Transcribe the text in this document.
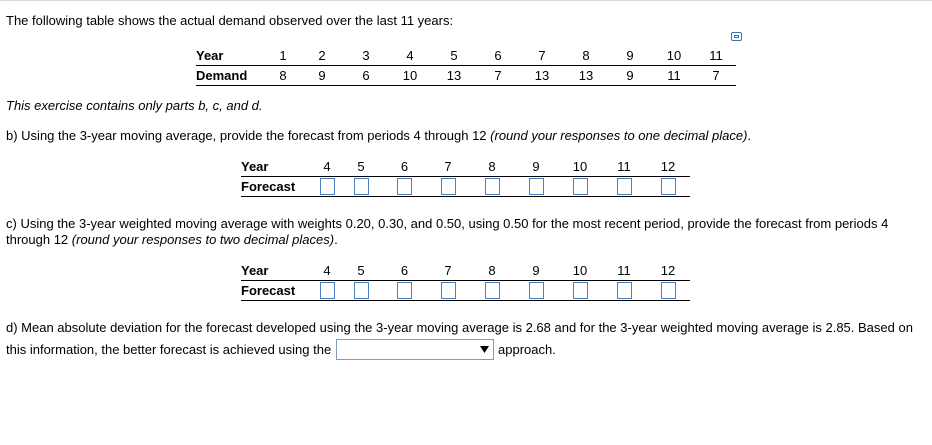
The following table shows the actual demand observed over the last 11 years:
Year	1	2	3	4	5	6	7	8	9	10	11
Demand	8	9	6	10	13	7	13	13	9	11	7
This exercise contains only parts b, c, and d.
b) Using the 3-year moving average, provide the forecast from periods 4 through 12 (round your responses to one decimal place).
Year	4	5	6	7	8	9	10	11	12
Forecast									
c) Using the 3-year weighted moving average with weights 0.20, 0.30, and 0.50, using 0.50 for the most recent period, provide the forecast from periods 4
through 12 (round your responses to two decimal places).
Year	4	5	6	7	8	9	10	11	12
Forecast									
d) Mean absolute deviation for the forecast developed using the 3-year moving average is 2.68 and for the 3-year weighted moving average is 2.85. Based on
this information, the better forecast is achieved using the	approach.
